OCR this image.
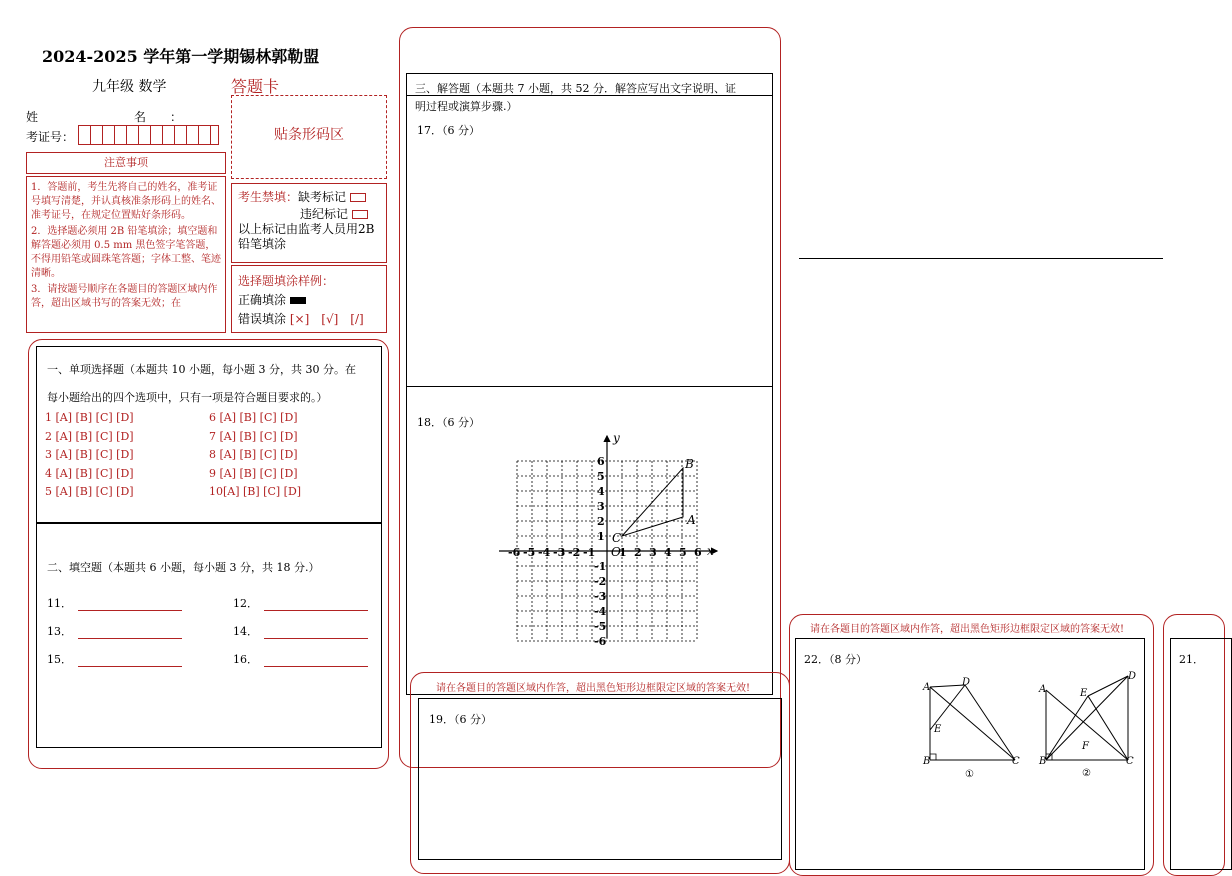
2024-2025 学年第一学期锡林郭勒盟
九年级 数学	答题卡
姓　　　　　　　　名　　：
考证号：	贴条形码区
注意事项
1．答题前，考生先将自己的姓名，准考证号填写清楚，并认真核准条形码上的姓名、准考证号，在规定位置贴好条形码。
2．选择题必须用 2B 铅笔填涂；填空题和解答题必须用 0.5 mm 黑色签字笔答题，不得用铅笔或圆珠笔答题；字体工整、笔迹清晰。
3．请按题号顺序在各题目的答题区域内作答，超出区域书写的答案无效；在
考生禁填：缺考标记
违纪标记
以上标记由监考人员用2B铅笔填涂
选择题填涂样例：
正确填涂
错误填涂 [×]　[√]　[/]
一、单项选择题（本题共 10 小题，每小题 3 分，共 30 分。在
每小题给出的四个选项中，只有一项是符合题目要求的。）
1 [A] [B] [C] [D]
2 [A] [B] [C] [D]
3 [A] [B] [C] [D]
4 [A] [B] [C] [D]
5 [A] [B] [C] [D]
6 [A] [B] [C] [D]
7 [A] [B] [C] [D]
8 [A] [B] [C] [D]
9 [A] [B] [C] [D]
10[A] [B] [C] [D]
二、填空题（本题共 6 小题，每小题 3 分，共 18 分.）
11．	12．
13．	14．
15．	16．
三、解答题（本题共 7 小题，共 52 分．解答应写出文字说明、证
明过程或演算步骤.）
17．（6 分）
18．（6 分）
x
y
O
-6 -5 -4 -3 -2 -1 1 2 3 4 5 6
6
5
4
3
2
1
-1
-2
-3
-4
-5
-6
A
B
C
请在各题目的答题区域内作答，超出黑色矩形边框限定区域的答案无效!
19．（6 分）
请在各题目的答题区域内作答，超出黑色矩形边框限定区域的答案无效!
22．（8 分）
D
A
E
B	C
①
D
E
A
F
B	C
②
21．
